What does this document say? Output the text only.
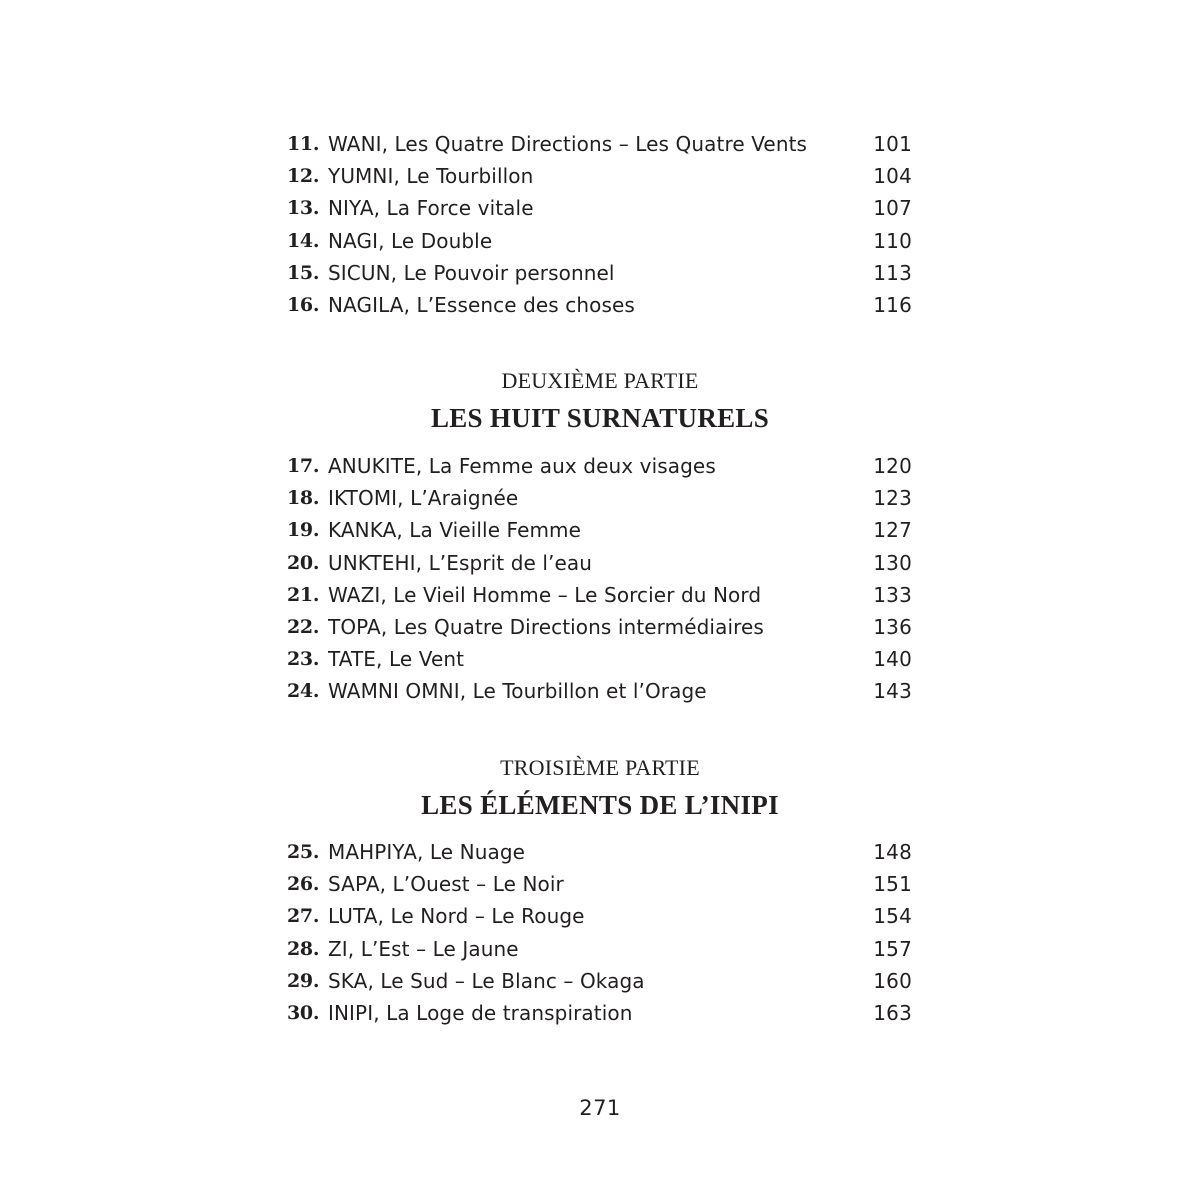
11. WANI, Les Quatre Directions – Les Quatre Vents	101
12. YUMNI, Le Tourbillon	104
13. NIYA, La Force vitale	107
14. NAGI, Le Double	110
15. SICUN, Le Pouvoir personnel	113
16. NAGILA, L’Essence des choses	116
DEUXIÈME PARTIE
LES HUIT SURNATURELS
17. ANUKITE, La Femme aux deux visages	120
18. IKTOMI, L’Araignée	123
19. KANKA, La Vieille Femme	127
20. UNKTEHI, L’Esprit de l’eau	130
21. WAZI, Le Vieil Homme – Le Sorcier du Nord	133
22. TOPA, Les Quatre Directions intermédiaires	136
23. TATE, Le Vent	140
24. WAMNI OMNI, Le Tourbillon et l’Orage	143
TROISIÈME PARTIE
LES ÉLÉMENTS DE L’INIPI
25. MAHPIYA, Le Nuage	148
26. SAPA, L’Ouest – Le Noir	151
27. LUTA, Le Nord – Le Rouge	154
28. ZI, L’Est – Le Jaune	157
29. SKA, Le Sud – Le Blanc – Okaga	160
30. INIPI, La Loge de transpiration	163
271
